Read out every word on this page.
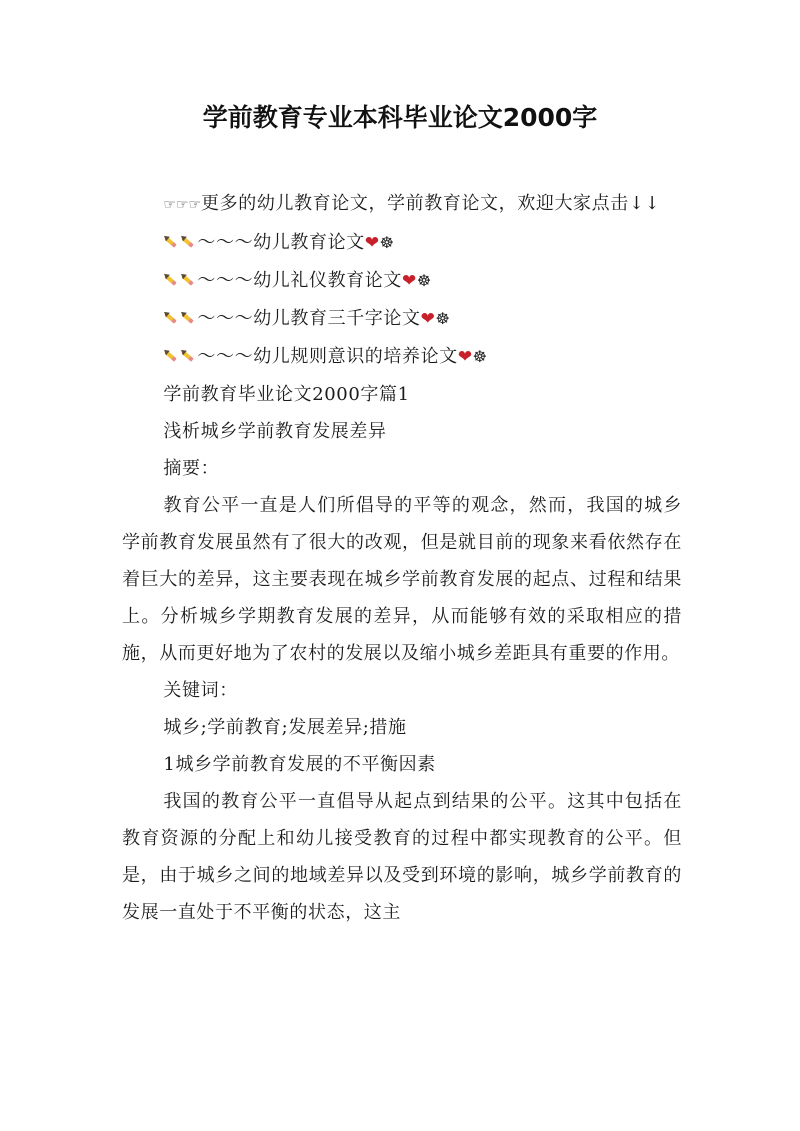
学前教育专业本科毕业论文2000字

☞☞☞更多的幼儿教育论文，学前教育论文，欢迎大家点击↓↓

～～～幼儿教育论文❤☸

～～～幼儿礼仪教育论文❤☸

～～～幼儿教育三千字论文❤☸

～～～幼儿规则意识的培养论文❤☸

学前教育毕业论文2000字篇1

浅析城乡学前教育发展差异

摘要：

教育公平一直是人们所倡导的平等的观念，然而，我国的城乡学前教育发展虽然有了很大的改观，但是就目前的现象来看依然存在着巨大的差异，这主要表现在城乡学前教育发展的起点、过程和结果上。分析城乡学期教育发展的差异，从而能够有效的采取相应的措施，从而更好地为了农村的发展以及缩小城乡差距具有重要的作用。

关键词：

城乡;学前教育;发展差异;措施

1城乡学前教育发展的不平衡因素

我国的教育公平一直倡导从起点到结果的公平。这其中包括在教育资源的分配上和幼儿接受教育的过程中都实现教育的公平。但是，由于城乡之间的地域差异以及受到环境的影响，城乡学前教育的发展一直处于不平衡的状态，这主
